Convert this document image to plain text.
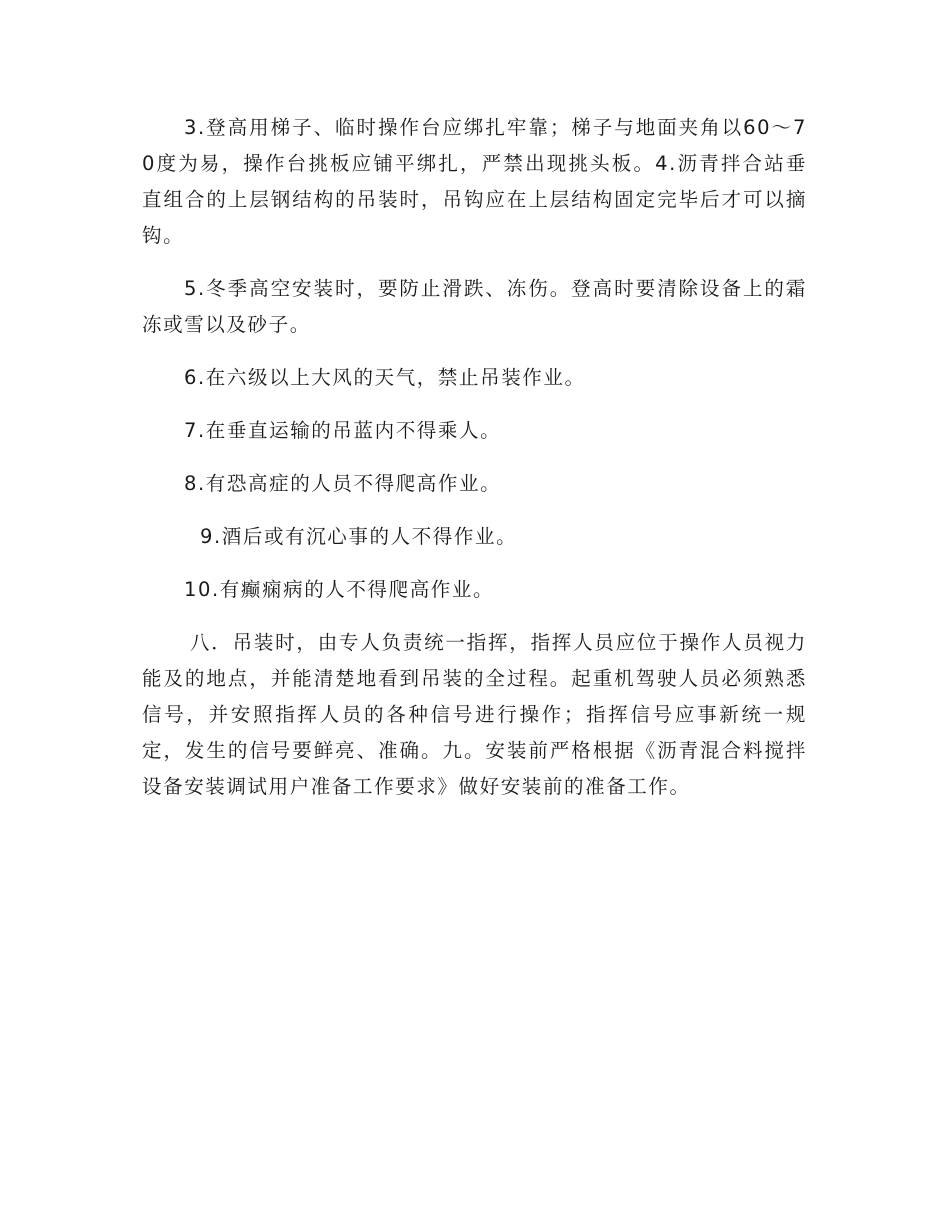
3.登高用梯子、临时操作台应绑扎牢靠；梯子与地面夹角以60～70度为易，操作台挑板应铺平绑扎，严禁出现挑头板。4.沥青拌合站垂直组合的上层钢结构的吊装时，吊钩应在上层结构固定完毕后才可以摘钩。

5.冬季高空安装时，要防止滑跌、冻伤。登高时要清除设备上的霜冻或雪以及砂子。

6.在六级以上大风的天气，禁止吊装作业。

7.在垂直运输的吊蓝内不得乘人。

8.有恐高症的人员不得爬高作业。

9.酒后或有沉心事的人不得作业。

10.有癫痫病的人不得爬高作业。

八．吊装时，由专人负责统一指挥，指挥人员应位于操作人员视力能及的地点，并能清楚地看到吊装的全过程。起重机驾驶人员必须熟悉信号，并安照指挥人员的各种信号进行操作；指挥信号应事新统一规定，发生的信号要鲜亮、准确。九。安装前严格根据《沥青混合料搅拌设备安装调试用户准备工作要求》做好安装前的准备工作。
